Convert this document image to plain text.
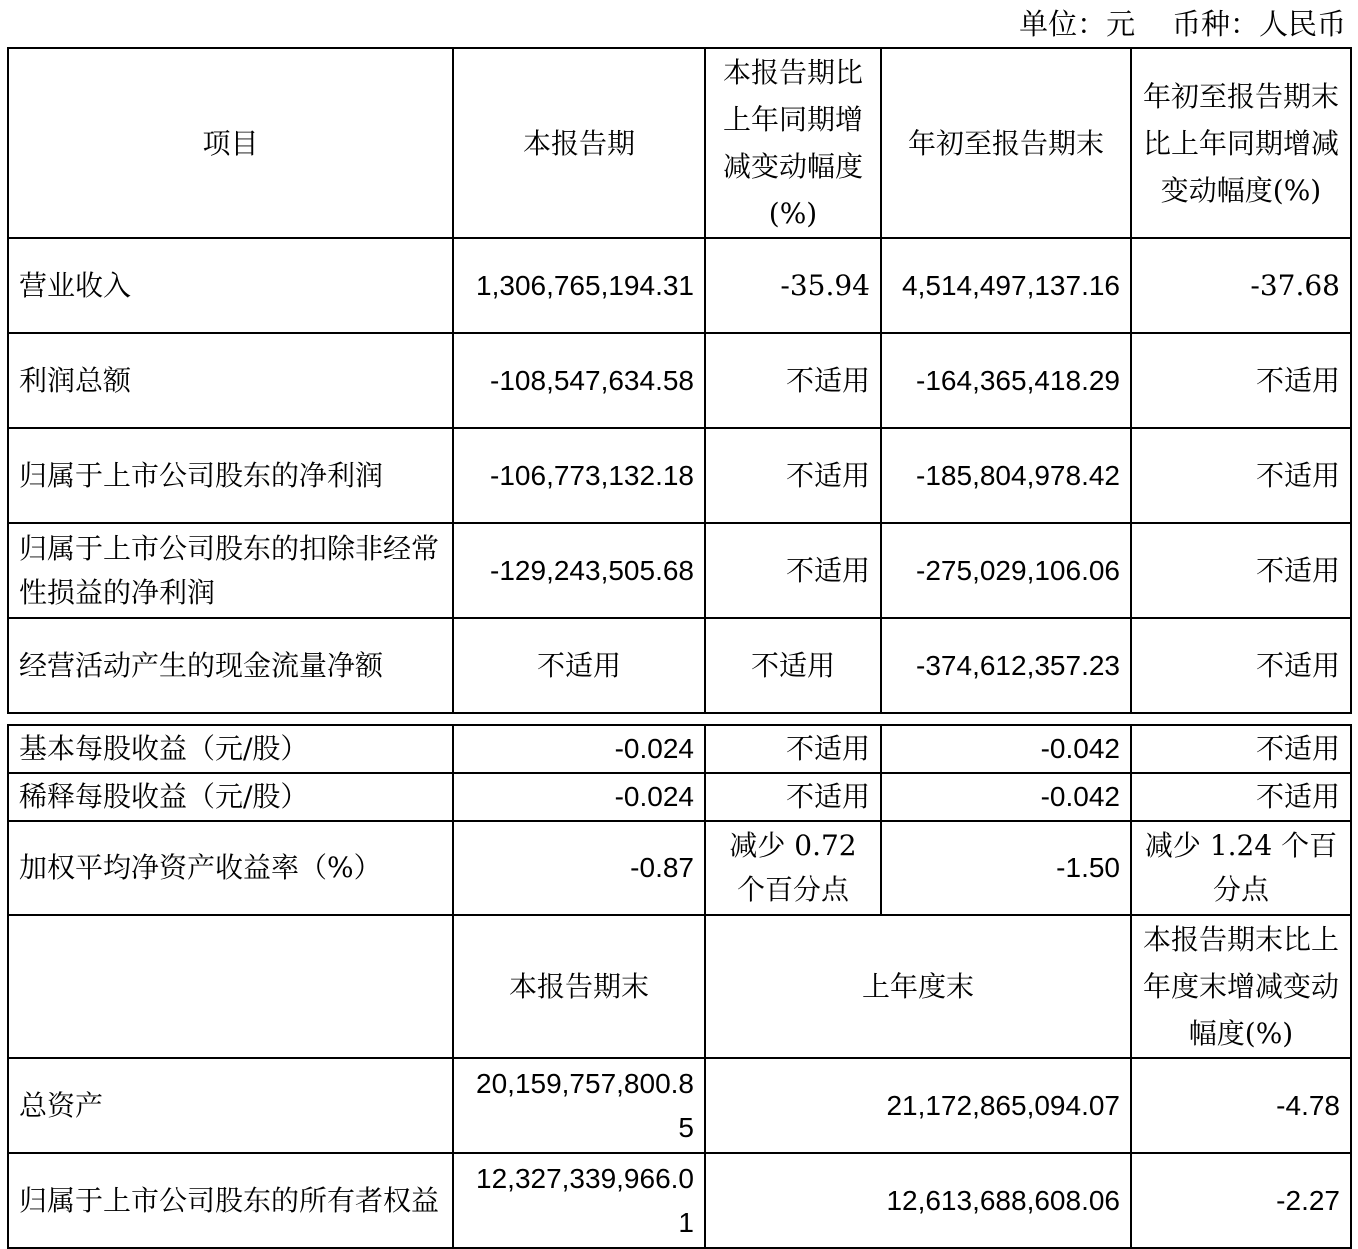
单位：元    币种：人民币
项目	本报告期	本报告期比上年同期增减变动幅度(%)	年初至报告期末	年初至报告期末比上年同期增减变动幅度(%)
营业收入	1,306,765,194.31	-35.94	4,514,497,137.16	-37.68
利润总额	-108,547,634.58	不适用	-164,365,418.29	不适用
归属于上市公司股东的净利润	-106,773,132.18	不适用	-185,804,978.42	不适用
归属于上市公司股东的扣除非经常性损益的净利润	-129,243,505.68	不适用	-275,029,106.06	不适用
经营活动产生的现金流量净额	不适用	不适用	-374,612,357.23	不适用
基本每股收益（元/股）	-0.024	不适用	-0.042	不适用
稀释每股收益（元/股）	-0.024	不适用	-0.042	不适用
加权平均净资产收益率（%）	-0.87	减少 0.72 个百分点	-1.50	减少 1.24 个百分点
	本报告期末	上年度末		本报告期末比上年度末增减变动幅度(%)
总资产	20,159,757,800.85	21,172,865,094.07		-4.78
归属于上市公司股东的所有者权益	12,327,339,966.01	12,613,688,608.06		-2.27
